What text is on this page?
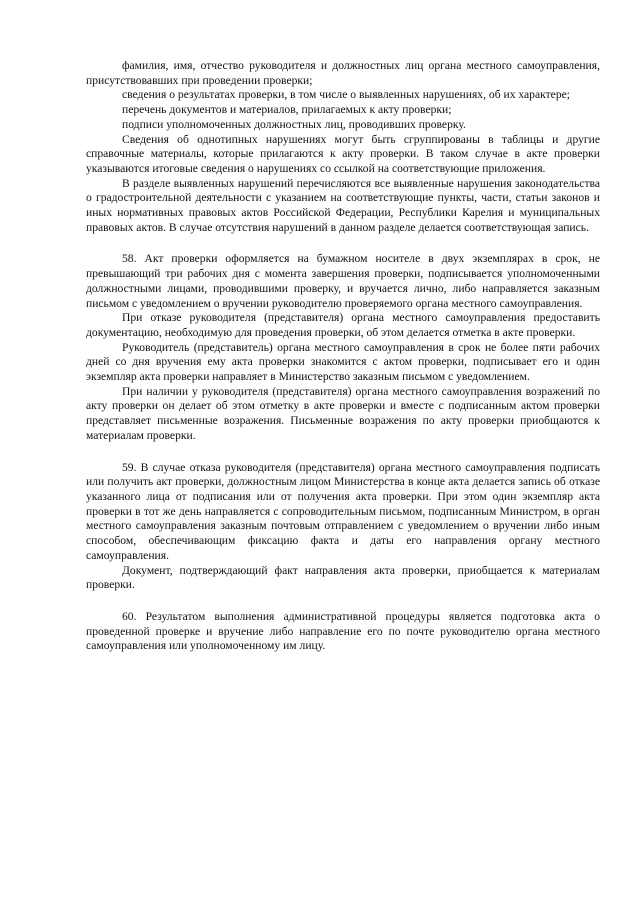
фамилия, имя, отчество руководителя и должностных лиц органа местного самоуправления, присутствовавших при проведении проверки;

сведения о результатах проверки, в том числе о выявленных нарушениях, об их характере;

перечень документов и материалов, прилагаемых к акту проверки;

подписи уполномоченных должностных лиц, проводивших проверку.

Сведения об однотипных нарушениях могут быть сгруппированы в таблицы и другие справочные материалы, которые прилагаются к акту проверки. В таком случае в акте проверки указываются итоговые сведения о нарушениях со ссылкой на соответствующие приложения.

В разделе выявленных нарушений перечисляются все выявленные нарушения законодательства о градостроительной деятельности с указанием на соответствующие пункты, части, статьи законов и иных нормативных правовых актов Российской Федерации, Республики Карелия и муниципальных правовых актов. В случае отсутствия нарушений в данном разделе делается соответствующая запись.

58. Акт проверки оформляется на бумажном носителе в двух экземплярах в срок, не превышающий три рабочих дня с момента завершения проверки, подписывается уполномоченными должностными лицами, проводившими проверку, и вручается лично, либо направляется заказным письмом с уведомлением о вручении руководителю проверяемого органа местного самоуправления.

При отказе руководителя (представителя) органа местного самоуправления предоставить документацию, необходимую для проведения проверки, об этом делается отметка в акте проверки.

Руководитель (представитель) органа местного самоуправления в срок не более пяти рабочих дней со дня вручения ему акта проверки знакомится с актом проверки, подписывает его и один экземпляр акта проверки направляет в Министерство заказным письмом с уведомлением.

При наличии у руководителя (представителя) органа местного самоуправления возражений по акту проверки он делает об этом отметку в акте проверки и вместе с подписанным актом проверки представляет письменные возражения. Письменные возражения по акту проверки приобщаются к материалам проверки.

59. В случае отказа руководителя (представителя) органа местного самоуправления подписать или получить акт проверки, должностным лицом Министерства в конце акта делается запись об отказе указанного лица от подписания или от получения акта проверки. При этом один экземпляр акта проверки в тот же день направляется с сопроводительным письмом, подписанным Министром, в орган местного самоуправления заказным почтовым отправлением с уведомлением о вручении либо иным способом, обеспечивающим фиксацию факта и даты его направления органу местного самоуправления.

Документ, подтверждающий факт направления акта проверки, приобщается к материалам проверки.

60. Результатом выполнения административной процедуры является подготовка акта о проведенной проверке и вручение либо направление его по почте руководителю органа местного самоуправления или уполномоченному им лицу.
